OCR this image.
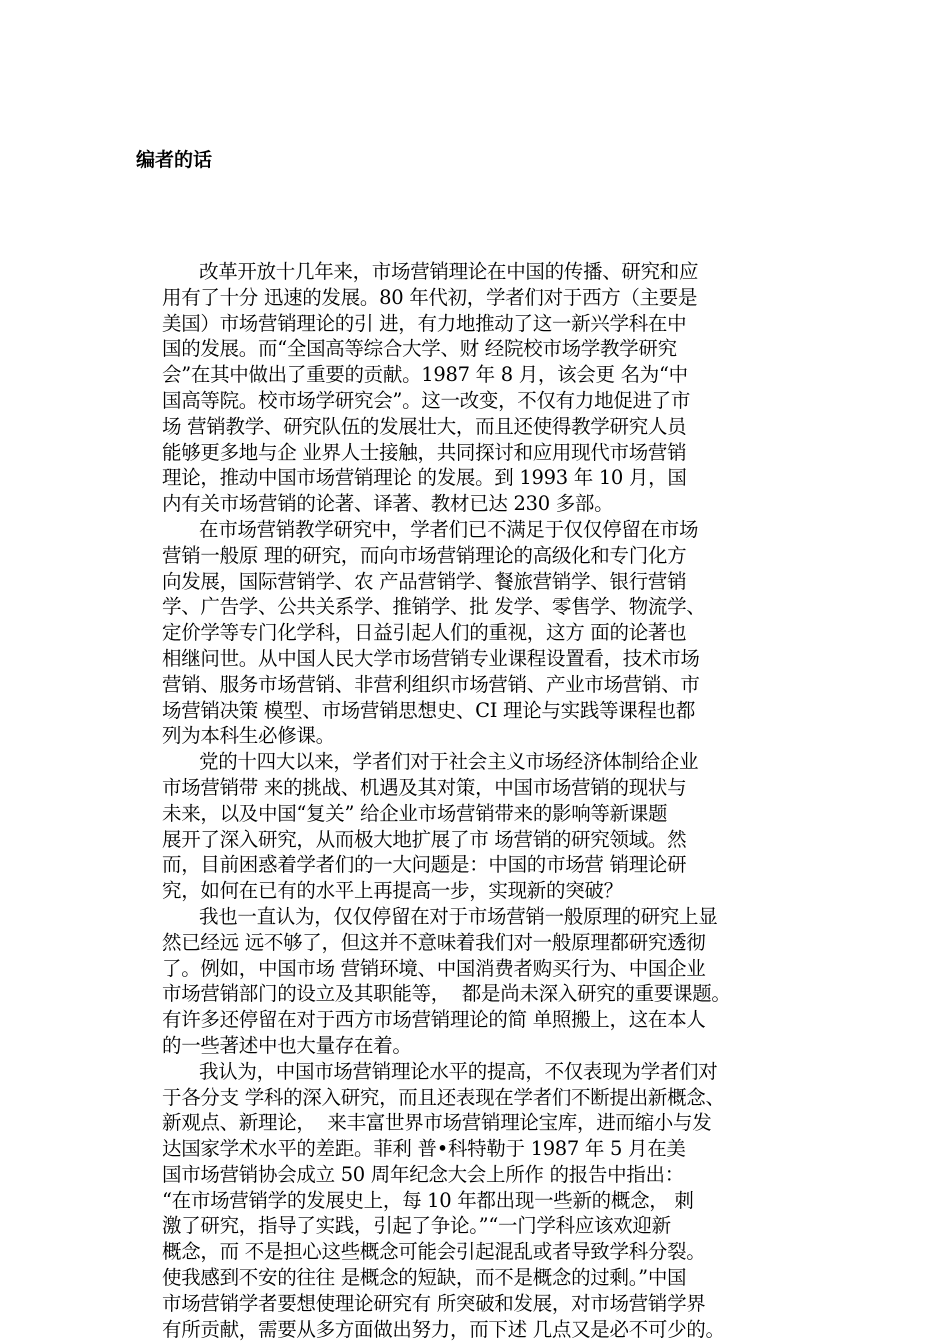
编者的话
改革开放十几年来，市场营销理论在中国的传播、研究和应
用有了十分 迅速的发展。80 年代初，学者们对于西方（主要是
美国）市场营销理论的引 进，有力地推动了这一新兴学科在中
国的发展。而“全国高等综合大学、财 经院校市场学教学研究
会”在其中做出了重要的贡献。1987 年 8 月，该会更 名为“中
国高等院。校市场学研究会”。这一改变，不仅有力地促进了市
场 营销教学、研究队伍的发展壮大，而且还使得教学研究人员
能够更多地与企 业界人士接触，共同探讨和应用现代市场营销
理论，推动中国市场营销理论 的发展。到 1993 年 10 月，国
内有关市场营销的论著、译著、教材已达 230 多部。
在市场营销教学研究中，学者们已不满足于仅仅停留在市场
营销一般原 理的研究，而向市场营销理论的高级化和专门化方
向发展，国际营销学、农 产品营销学、餐旅营销学、银行营销
学、广告学、公共关系学、推销学、批 发学、零售学、物流学、
定价学等专门化学科，日益引起人们的重视，这方 面的论著也
相继问世。从中国人民大学市场营销专业课程设置看，技术市场
营销、服务市场营销、非营利组织市场营销、产业市场营销、市
场营销决策 模型、市场营销思想史、CI 理论与实践等课程也都
列为本科生必修课。
党的十四大以来，学者们对于社会主义市场经济体制给企业
市场营销带 来的挑战、机遇及其对策，中国市场营销的现状与
未来，以及中国“复关” 给企业市场营销带来的影响等新课题
展开了深入研究，从而极大地扩展了市 场营销的研究领域。然
而，目前困惑着学者们的一大问题是：中国的市场营 销理论研
究，如何在已有的水平上再提高一步，实现新的突破？
我也一直认为，仅仅停留在对于市场营销一般原理的研究上显
然已经远 远不够了，但这并不意味着我们对一般原理都研究透彻
了。例如，中国市场 营销环境、中国消费者购买行为、中国企业
市场营销部门的设立及其职能等，  都是尚未深入研究的重要课题。
有许多还停留在对于西方市场营销理论的简 单照搬上，这在本人
的一些著述中也大量存在着。
我认为，中国市场营销理论水平的提高，不仅表现为学者们对
于各分支 学科的深入研究，而且还表现在学者们不断提出新概念、
新观点、新理论，  来丰富世界市场营销理论宝库，进而缩小与发
达国家学术水平的差距。菲利 普•科特勒于 1987 年 5 月在美
国市场营销协会成立 50 周年纪念大会上所作 的报告中指出：
“在市场营销学的发展史上，每 10 年都出现一些新的概念， 刺
激了研究，指导了实践，引起了争论。”“一门学科应该欢迎新
概念，而 不是担心这些概念可能会引起混乱或者导致学科分裂。
使我感到不安的往往 是概念的短缺，而不是概念的过剩。”中国
市场营销学者要想使理论研究有 所突破和发展，对市场营销学界
有所贡献，需要从多方面做出努力，而下述 几点又是必不可少的。
